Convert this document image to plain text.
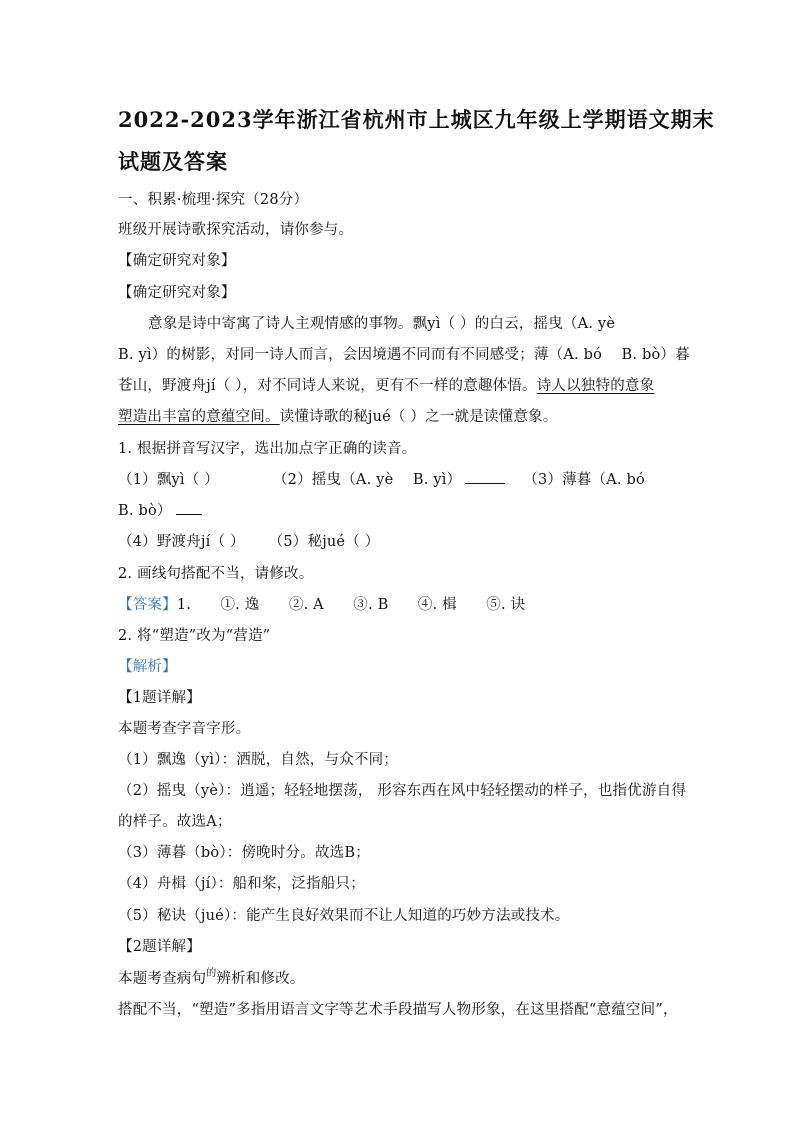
2022-2023学年浙江省杭州市上城区九年级上学期语文期末
试题及答案
一、积累·梳理·探究（28分）
班级开展诗歌探究活动，请你参与。
【确定研究对象】
【确定研究对象】
意象是诗中寄寓了诗人主观情感的事物。飘yì（ ）的白云，摇曳（A. yè
B. yì）的树影，对同一诗人而言，会因境遇不同而有不同感受；薄（A. bó　 B. bò）暮
苍山，野渡舟jí（ ），对不同诗人来说，更有不一样的意趣体悟。诗人以独特的意象
塑造出丰富的意蕴空间。读懂诗歌的秘jué（ ）之一就是读懂意象。
1. 根据拼音写汉字，选出加点字正确的读音。
（1）飘yì（ ）	（2）摇曳（A. yè　 B. yì）	（3）薄暮（A. bó
B. bò）
（4）野渡舟jí（ ） （5）秘jué（ ）
2. 画线句搭配不当，请修改。
【答案】1.　　①. 逸　　②. A　　③. B　　④. 楫　　⑤. 诀
2. 将“塑造”改为“营造”
【解析】
【1题详解】
本题考查字音字形。
（1）飘逸（yì）：洒脱，自然，与众不同；
（2）摇曳（yè）：逍遥；轻轻地摆荡， 形容东西在风中轻轻摆动的样子，也指优游自得
的样子。故选A；
（3）薄暮（bò）：傍晚时分。故选B；
（4）舟楫（jí）：船和桨，泛指船只；
（5）秘诀（jué）：能产生良好效果而不让人知道的巧妙方法或技术。
【2题详解】
本题考查病句$^的$辨析和修改。
搭配不当，“塑造”多指用语言文字等艺术手段描写人物形象，在这里搭配“意蕴空间”，
